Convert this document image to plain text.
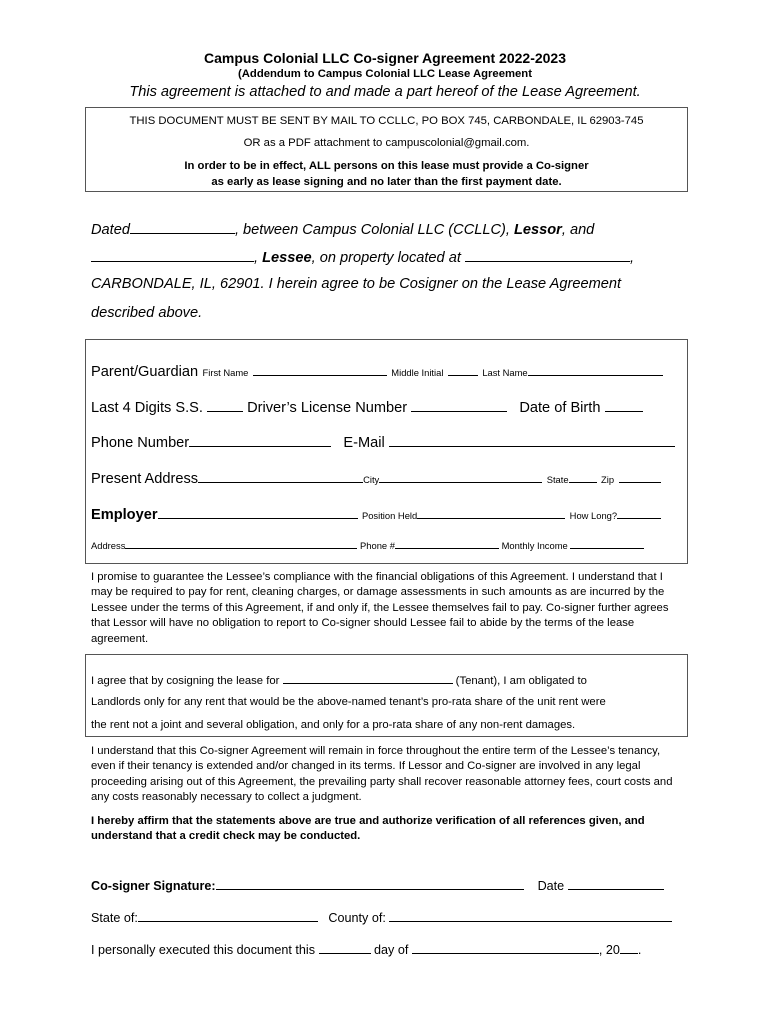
Campus Colonial LLC Co-signer Agreement 2022-2023
(Addendum to Campus Colonial LLC Lease Agreement
This agreement is attached to and made a part hereof of the Lease Agreement.
THIS DOCUMENT MUST BE SENT BY MAIL TO CCLLC, PO BOX 745, CARBONDALE, IL 62903-745
OR as a PDF attachment to campuscolonial@gmail.com.
In order to be in effect, ALL persons on this lease must provide a Co-signer
as early as lease signing and no later than the first payment date.
Dated	, between Campus Colonial LLC (CCLLC), Lessor, and
, Lessee, on property located at	,
CARBONDALE, IL, 62901. I herein agree to be Cosigner on the Lease Agreement
described above.
Parent/Guardian First Name	Middle Initial	Last Name
Last 4 Digits S.S.	Driver’s License Number	Date of Birth
Phone Number	E-Mail
Present Address	City	State	Zip
Employer	Position Held	How Long?
Address	Phone #	Monthly Income
I promise to guarantee the Lessee’s compliance with the financial obligations of this Agreement. I understand that I may be required to pay for rent, cleaning charges, or damage assessments in such amounts as are incurred by the Lessee under the terms of this Agreement, if and only if, the Lessee themselves fail to pay. Co-signer further agrees that Lessor will have no obligation to report to Co-signer should Lessee fail to abide by the terms of the lease agreement.
I agree that by cosigning the lease for	(Tenant), I am obligated to
Landlords only for any rent that would be the above-named tenant’s pro-rata share of the unit rent were
the rent not a joint and several obligation, and only for a pro-rata share of any non-rent damages.
I understand that this Co-signer Agreement will remain in force throughout the entire term of the Lessee’s tenancy, even if their tenancy is extended and/or changed in its terms. If Lessor and Co-signer are involved in any legal proceeding arising out of this Agreement, the prevailing party shall recover reasonable attorney fees, court costs and any costs reasonably necessary to collect a judgment.
I hereby affirm that the statements above are true and authorize verification of all references given, and understand that a credit check may be conducted.
Co-signer Signature:	Date
State of:	County of:
I personally executed this document this	day of	, 20 .
